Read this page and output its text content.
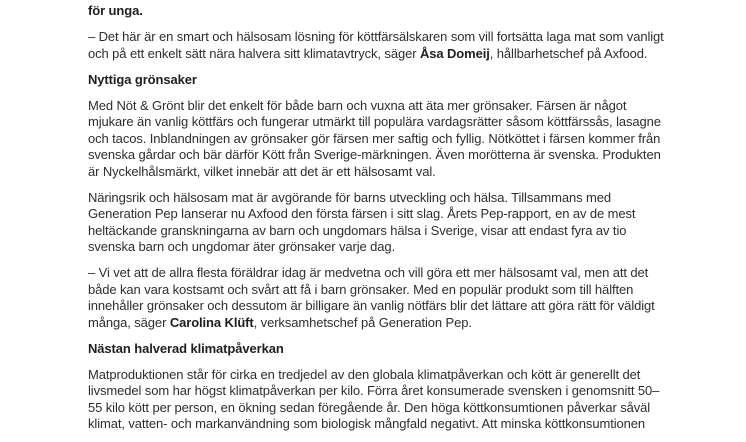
för unga.

– Det här är en smart och hälsosam lösning för köttfärsälskaren som vill fortsätta laga mat som vanligt
och på ett enkelt sätt nära halvera sitt klimatavtryck, säger Åsa Domeij, hållbarhetschef på Axfood.

Nyttiga grönsaker

Med Nöt & Grönt blir det enkelt för både barn och vuxna att äta mer grönsaker. Färsen är något
mjukare än vanlig köttfärs och fungerar utmärkt till populära vardagsrätter såsom köttfärssås, lasagne
och tacos. Inblandningen av grönsaker gör färsen mer saftig och fyllig. Nötköttet i färsen kommer från
svenska gårdar och bär därför Kött från Sverige-märkningen. Även morötterna är svenska. Produkten
är Nyckelhålsmärkt, vilket innebär att det är ett hälsosamt val.

Näringsrik och hälsosam mat är avgörande för barns utveckling och hälsa. Tillsammans med
Generation Pep lanserar nu Axfood den första färsen i sitt slag. Årets Pep-rapport, en av de mest
heltäckande granskningarna av barn och ungdomars hälsa i Sverige, visar att endast fyra av tio
svenska barn och ungdomar äter grönsaker varje dag.

– Vi vet att de allra flesta föräldrar idag är medvetna och vill göra ett mer hälsosamt val, men att det
både kan vara kostsamt och svårt att få i barn grönsaker. Med en populär produkt som till hälften
innehåller grönsaker och dessutom är billigare än vanlig nötfärs blir det lättare att göra rätt för väldigt
många, säger Carolina Klüft, verksamhetschef på Generation Pep.

Nästan halverad klimatpåverkan

Matproduktionen står för cirka en tredjedel av den globala klimatpåverkan och kött är generellt det
livsmedel som har högst klimatpåverkan per kilo. Förra året konsumerade svensken i genomsnitt 50–
55 kilo kött per person, en ökning sedan föregående år. Den höga köttkonsumtionen påverkar såväl
klimat, vatten- och markanvändning som biologisk mångfald negativt. Att minska köttkonsumtionen
